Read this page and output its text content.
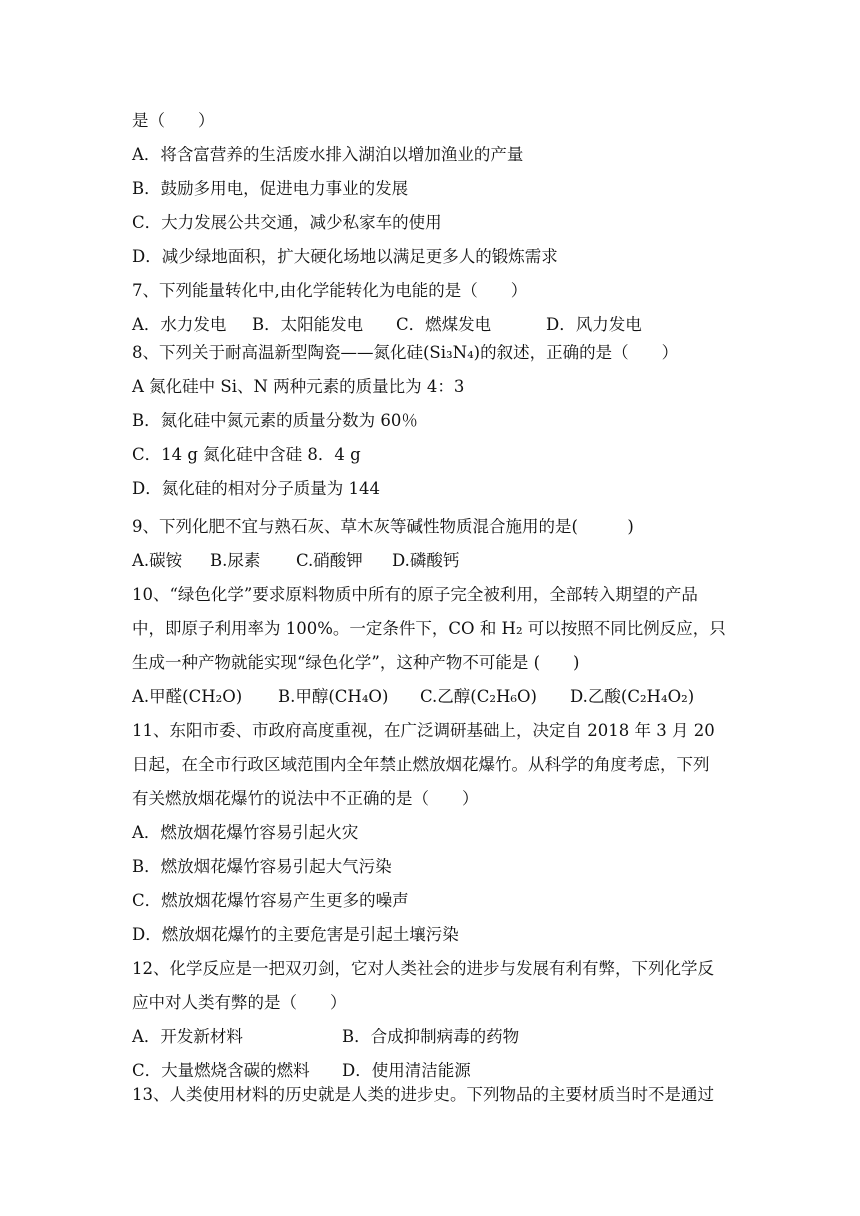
是（　　）
A．将含富营养的生活废水排入湖泊以增加渔业的产量
B．鼓励多用电，促进电力事业的发展
C．大力发展公共交通，减少私家车的使用
D．减少绿地面积，扩大硬化场地以满足更多人的锻炼需求
7、下列能量转化中,由化学能转化为电能的是（　　）
A．水力发电	B．太阳能发电	C．燃煤发电	D．风力发电
8、下列关于耐高温新型陶瓷——氮化硅(Si₃N₄)的叙述，正确的是（　　）
A 氮化硅中 Si、N 两种元素的质量比为 4：3
B．氮化硅中氮元素的质量分数为 60％
C．14 g 氮化硅中含硅 8．4 g
D．氮化硅的相对分子质量为 144
9、下列化肥不宜与熟石灰、草木灰等碱性物质混合施用的是(　　　)
A.碳铵	B.尿素	C.硝酸钾	D.磷酸钙
10、“绿色化学”要求原料物质中所有的原子完全被利用，全部转入期望的产品
中，即原子利用率为 100%。一定条件下，CO 和 H₂ 可以按照不同比例反应，只
生成一种产物就能实现“绿色化学”，这种产物不可能是 (　　)
A.甲醛(CH₂O)	B.甲醇(CH₄O)	C.乙醇(C₂H₆O)	D.乙酸(C₂H₄O₂)
11、东阳市委、市政府高度重视，在广泛调研基础上，决定自 2018 年 3 月 20
日起，在全市行政区域范围内全年禁止燃放烟花爆竹。从科学的角度考虑，下列
有关燃放烟花爆竹的说法中不正确的是（　　）
A．燃放烟花爆竹容易引起火灾
B．燃放烟花爆竹容易引起大气污染
C．燃放烟花爆竹容易产生更多的噪声
D．燃放烟花爆竹的主要危害是引起土壤污染
12、化学反应是一把双刃剑，它对人类社会的进步与发展有利有弊，下列化学反
应中对人类有弊的是（　　）
A．开发新材料	B．合成抑制病毒的药物
C．大量燃烧含碳的燃料	D．使用清洁能源
13、人类使用材料的历史就是人类的进步史。下列物品的主要材质当时不是通过
